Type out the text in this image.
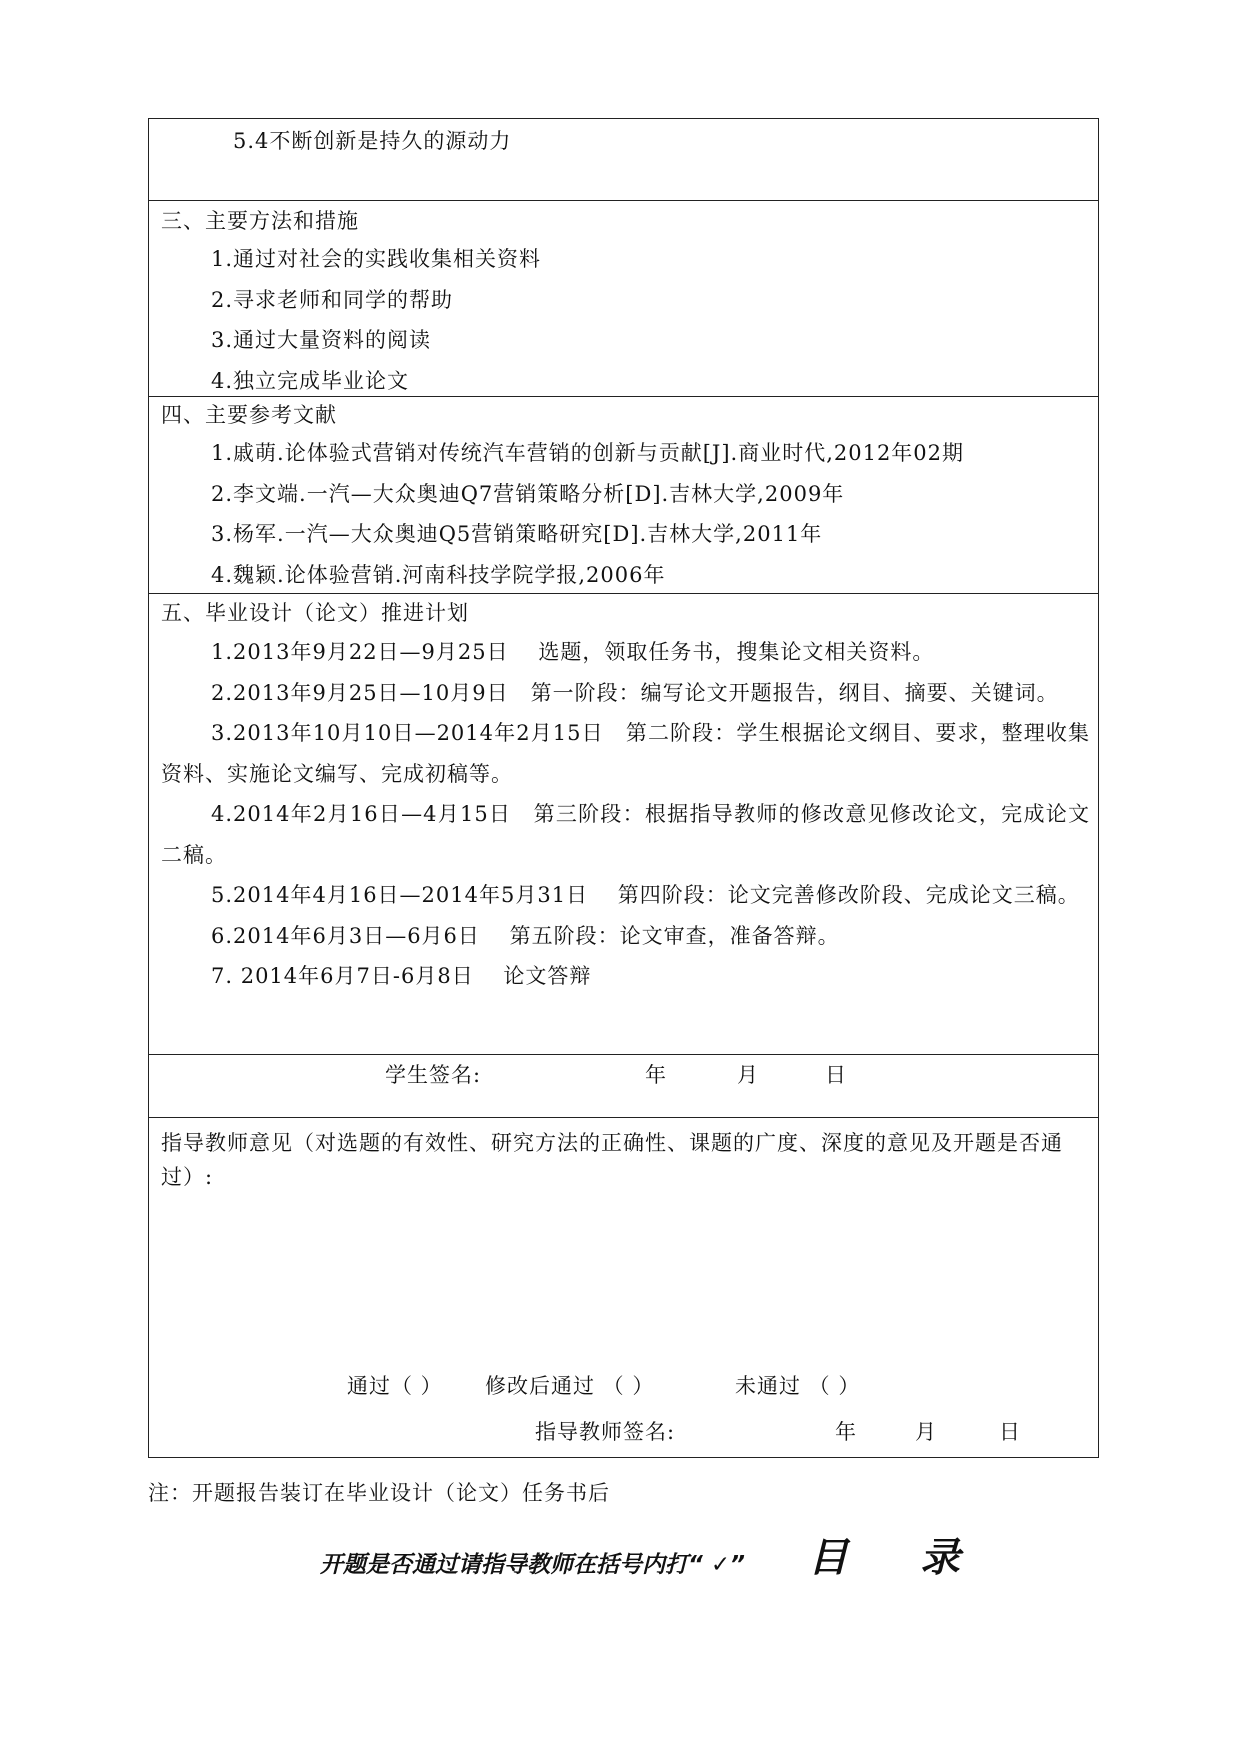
5.4不断创新是持久的源动力
三、主要方法和措施
1.通过对社会的实践收集相关资料
2.寻求老师和同学的帮助
3.通过大量资料的阅读
4.独立完成毕业论文
四、主要参考文献
1.戚萌.论体验式营销对传统汽车营销的创新与贡献[J].商业时代,2012年02期
2.李文端.一汽—大众奥迪Q7营销策略分析[D].吉林大学,2009年
3.杨军.一汽—大众奥迪Q5营销策略研究[D].吉林大学,2011年
4.魏颖.论体验营销.河南科技学院学报,2006年
五、毕业设计（论文）推进计划
1.2013年9月22日—9月25日　 选题，领取任务书，搜集论文相关资料。
2.2013年9月25日—10月9日　第一阶段：编写论文开题报告，纲目、摘要、关键词。
3.2013年10月10日—2014年2月15日　第二阶段：学生根据论文纲目、要求，整理收集资料、实施论文编写、完成初稿等。
4.2014年2月16日—4月15日　第三阶段：根据指导教师的修改意见修改论文，完成论文二稿。
5.2014年4月16日—2014年5月31日　 第四阶段：论文完善修改阶段、完成论文三稿。
6.2014年6月3日—6月6日　 第五阶段：论文审查，准备答辩。
7. 2014年6月7日-6月8日　 论文答辩
学生签名:	年	月	日
指导教师意见（对选题的有效性、研究方法的正确性、课题的广度、深度的意见及开题是否通过）:
通过（ ） 修改后通过 （ ）	未通过 （ ）
指导教师签名:	年	月	日
注：开题报告装订在毕业设计（论文）任务书后
开题是否通过请指导教师在括号内打“ ✓” 目 录
